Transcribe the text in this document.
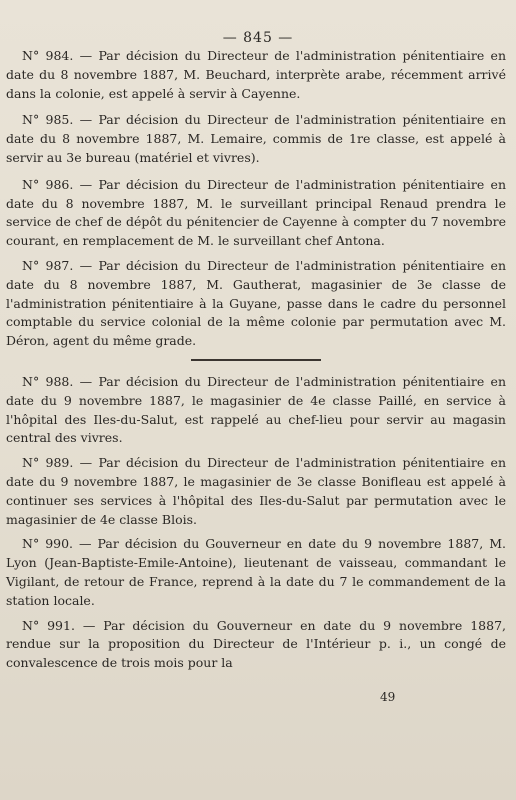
— 845 —

N° 984. — Par décision du Directeur de l'administration pénitentiaire en date du 8 novembre 1887, M. Beuchard, interprète arabe, récemment arrivé dans la colonie, est appelé à servir à Cayenne.

N° 985. — Par décision du Directeur de l'administration pénitentiaire en date du 8 novembre 1887, M. Lemaire, commis de 1re classe, est appelé à servir au 3e bureau (matériel et vivres).

N° 986. — Par décision du Directeur de l'administration pénitentiaire en date du 8 novembre 1887, M. le surveillant principal Renaud prendra le service de chef de dépôt du pénitencier de Cayenne à compter du 7 novembre courant, en remplacement de M. le surveillant chef Antona.

N° 987. — Par décision du Directeur de l'administration pénitentiaire en date du 8 novembre 1887, M. Gautherat, magasinier de 3e classe de l'administration pénitentiaire à la Guyane, passe dans le cadre du personnel comptable du service colonial de la même colonie par permutation avec M. Déron, agent du même grade.

N° 988. — Par décision du Directeur de l'administration pénitentiaire en date du 9 novembre 1887, le magasinier de 4e classe Paillé, en service à l'hôpital des Iles-du-Salut, est rappelé au chef-lieu pour servir au magasin central des vivres.

N° 989. — Par décision du Directeur de l'administration pénitentiaire en date du 9 novembre 1887, le magasinier de 3e classe Bonifleau est appelé à continuer ses services à l'hôpital des Iles-du-Salut par permutation avec le magasinier de 4e classe Blois.

N° 990. — Par décision du Gouverneur en date du 9 novembre 1887, M. Lyon (Jean-Baptiste-Emile-Antoine), lieutenant de vaisseau, commandant le Vigilant, de retour de France, reprend à la date du 7 le commandement de la station locale.

N° 991. — Par décision du Gouverneur en date du 9 novembre 1887, rendue sur la proposition du Directeur de l'Intérieur p. i., un congé de convalescence de trois mois pour la

49
